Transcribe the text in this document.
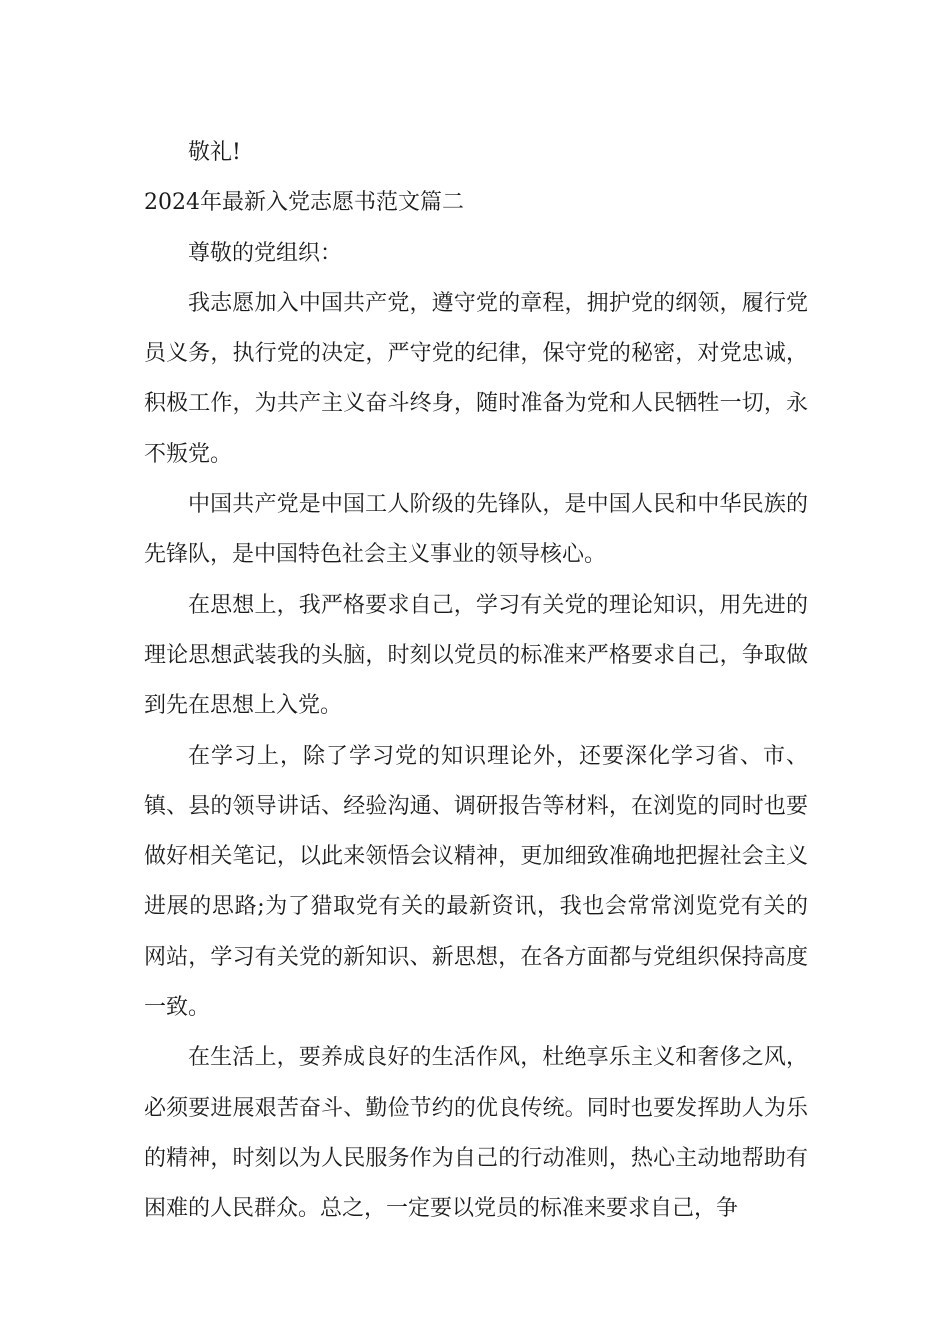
敬礼!

2024年最新入党志愿书范文篇二

尊敬的党组织：

我志愿加入中国共产党，遵守党的章程，拥护党的纲领，履行党员义务，执行党的决定，严守党的纪律，保守党的秘密，对党忠诚，积极工作，为共产主义奋斗终身，随时准备为党和人民牺牲一切，永不叛党。

中国共产党是中国工人阶级的先锋队，是中国人民和中华民族的先锋队，是中国特色社会主义事业的领导核心。

在思想上，我严格要求自己，学习有关党的理论知识，用先进的理论思想武装我的头脑，时刻以党员的标准来严格要求自己，争取做到先在思想上入党。

在学习上，除了学习党的知识理论外，还要深化学习省、市、镇、县的领导讲话、经验沟通、调研报告等材料，在浏览的同时也要做好相关笔记，以此来领悟会议精神，更加细致准确地把握社会主义进展的思路;为了猎取党有关的最新资讯，我也会常常浏览党有关的网站，学习有关党的新知识、新思想，在各方面都与党组织保持高度一致。

在生活上，要养成良好的生活作风，杜绝享乐主义和奢侈之风，必须要进展艰苦奋斗、勤俭节约的优良传统。同时也要发挥助人为乐的精神，时刻以为人民服务作为自己的行动准则，热心主动地帮助有困难的人民群众。总之，一定要以党员的标准来要求自己，争
